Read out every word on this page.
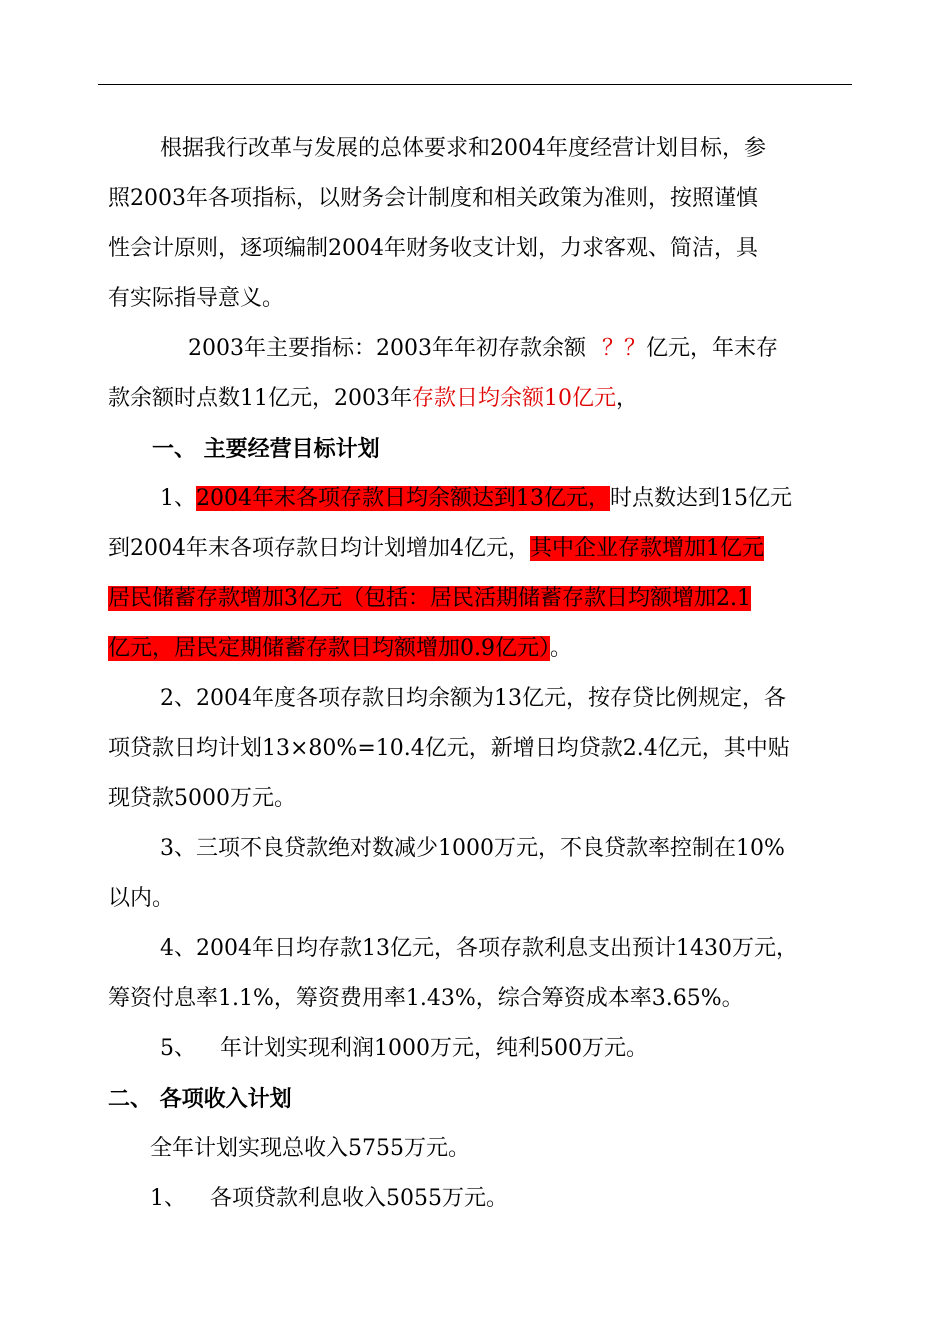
根据我行改革与发展的总体要求和2004年度经营计划目标，参
照2003年各项指标，以财务会计制度和相关政策为准则，按照谨慎
性会计原则，逐项编制2004年财务收支计划，力求客观、简洁，具
有实际指导意义。
2003年主要指标：2003年年初存款余额 ？？亿元，年末存
款余额时点数11亿元，2003年存款日均余额10亿元，
一、 主要经营目标计划
1、2004年末各项存款日均余额达到13亿元，时点数达到15亿元
到2004年末各项存款日均计划增加4亿元，其中企业存款增加1亿元
居民储蓄存款增加3亿元（包括：居民活期储蓄存款日均额增加2.1
亿元，居民定期储蓄存款日均额增加0.9亿元）。
2、2004年度各项存款日均余额为13亿元，按存贷比例规定，各
项贷款日均计划13×80%=10.4亿元，新增日均贷款2.4亿元，其中贴
现贷款5000万元。
3、三项不良贷款绝对数减少1000万元，不良贷款率控制在10%
以内。
4、2004年日均存款13亿元，各项存款利息支出预计1430万元，
筹资付息率1.1%，筹资费用率1.43%，综合筹资成本率3.65%。
5、 年计划实现利润1000万元，纯利500万元。
二、 各项收入计划
全年计划实现总收入5755万元。
1、 各项贷款利息收入5055万元。
